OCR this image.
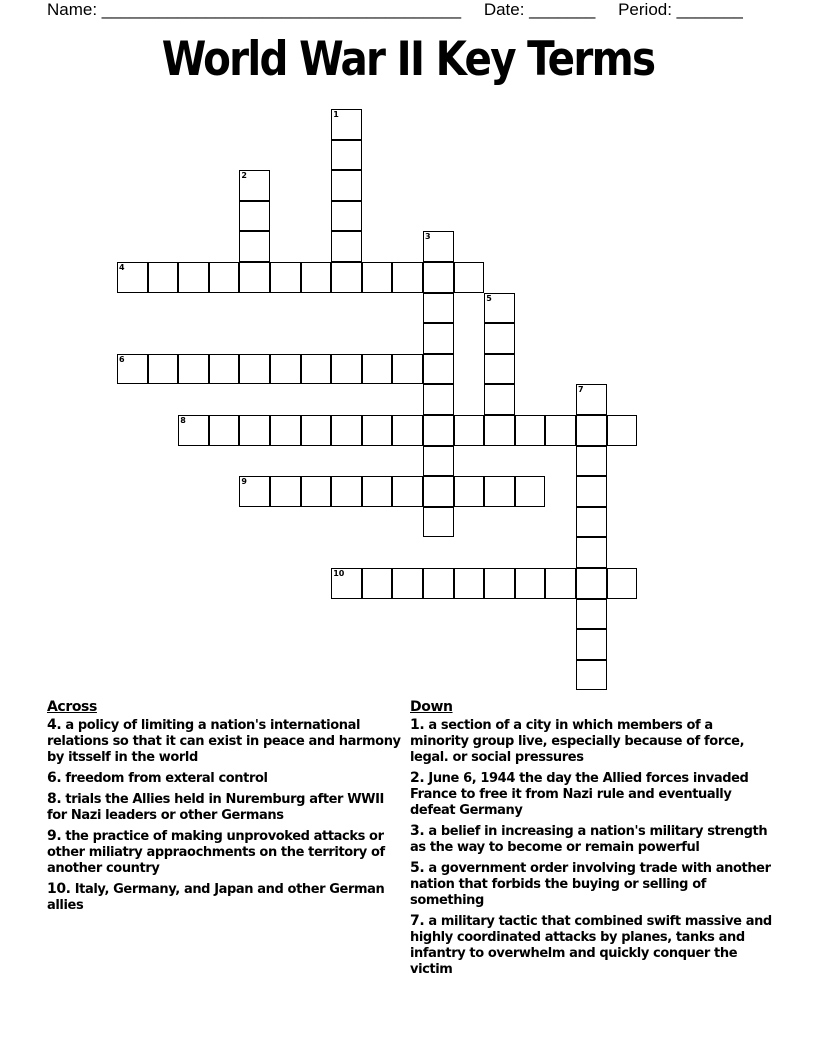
Name: ______________________________________ Date: _______ Period: _______
World War II Key Terms
1
2
3
4
5
6
7
8
9
10
Across
4. a policy of limiting a nation's international relations so that it can exist in peace and harmony by itsself in the world
6. freedom from exteral control
8. trials the Allies held in Nuremburg after WWII for Nazi leaders or other Germans
9. the practice of making unprovoked attacks or other miliatry appraochments on the territory of another country
10. Italy, Germany, and Japan and other German allies
Down
1. a section of a city in which members of a minority group live, especially because of force, legal. or social pressures
2. June 6, 1944 the day the Allied forces invaded France to free it from Nazi rule and eventually defeat Germany
3. a belief in increasing a nation's military strength as the way to become or remain powerful
5. a government order involving trade with another nation that forbids the buying or selling of something
7. a military tactic that combined swift massive and highly coordinated attacks by planes, tanks and infantry to overwhelm and quickly conquer the victim
